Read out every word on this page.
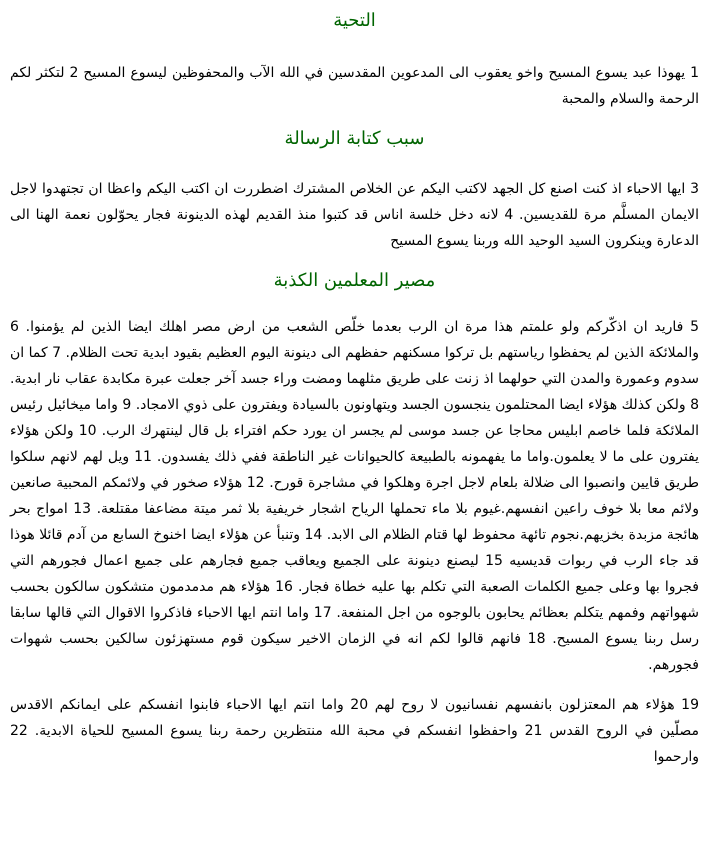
التحية

1 يهوذا عبد يسوع المسيح واخو يعقوب الى المدعوين المقدسين في الله الآب والمحفوظين ليسوع المسيح 2 لتكثر لكم الرحمة والسلام والمحبة

سبب كتابة الرسالة

3 ايها الاحباء اذ كنت اصنع كل الجهد لاكتب اليكم عن الخلاص المشترك اضطررت ان اكتب اليكم واعظا ان تجتهدوا لاجل الايمان المسلَّم مرة للقديسين. 4 لانه دخل خلسة اناس قد كتبوا منذ القديم لهذه الدينونة فجار يحوّلون نعمة الهنا الى الدعارة وينكرون السيد الوحيد الله وربنا يسوع المسيح

مصير المعلمين الكذبة

5 فاريد ان اذكّركم ولو علمتم هذا مرة ان الرب بعدما خلّص الشعب من ارض مصر اهلك ايضا الذين لم يؤمنوا. 6 والملائكة الذين لم يحفظوا رياستهم بل تركوا مسكنهم حفظهم الى دينونة اليوم العظيم بقيود ابدية تحت الظلام. 7 كما ان سدوم وعمورة والمدن التي حولهما اذ زنت على طريق مثلهما ومضت وراء جسد آخر جعلت عبرة مكابدة عقاب نار ابدية. 8 ولكن كذلك هؤلاء ايضا المحتلمون ينجسون الجسد ويتهاونون بالسيادة ويفترون على ذوي الامجاد. 9 واما ميخائيل رئيس الملائكة فلما خاصم ابليس محاجا عن جسد موسى لم يجسر ان يورد حكم افتراء بل قال لينتهرك الرب. 10 ولكن هؤلاء يفترون على ما لا يعلمون.واما ما يفهمونه بالطبيعة كالحيوانات غير الناطقة ففي ذلك يفسدون. 11 ويل لهم لانهم سلكوا طريق قايين وانصبوا الى ضلالة بلعام لاجل اجرة وهلكوا في مشاجرة قورح. 12 هؤلاء صخور في ولائمكم المحبية صانعين ولائم معا بلا خوف راعين انفسهم.غيوم بلا ماء تحملها الرياح اشجار خريفية بلا ثمر ميتة مضاعفا مقتلعة. 13 امواج بحر هائجة مزبدة بخزيهم.نجوم تائهة محفوظ لها قتام الظلام الى الابد. 14 وتنبأ عن هؤلاء ايضا اخنوخ السابع من آدم قائلا هوذا قد جاء الرب في ربوات قديسيه 15 ليصنع دينونة على الجميع ويعاقب جميع فجارهم على جميع اعمال فجورهم التي فجروا بها وعلى جميع الكلمات الصعبة التي تكلم بها عليه خطاة فجار. 16 هؤلاء هم مدمدمون متشكون سالكون بحسب شهواتهم وفمهم يتكلم بعظائم يحابون بالوجوه من اجل المنفعة. 17 واما انتم ايها الاحباء فاذكروا الاقوال التي قالها سابقا رسل ربنا يسوع المسيح. 18 فانهم قالوا لكم انه في الزمان الاخير سيكون قوم مستهزئون سالكين بحسب شهوات فجورهم.

19 هؤلاء هم المعتزلون بانفسهم نفسانيون لا روح لهم 20 واما انتم ايها الاحباء فابنوا انفسكم على ايمانكم الاقدس مصلّين في الروح القدس 21 واحفظوا انفسكم في محبة الله منتظرين رحمة ربنا يسوع المسيح للحياة الابدية. 22 وارحموا
